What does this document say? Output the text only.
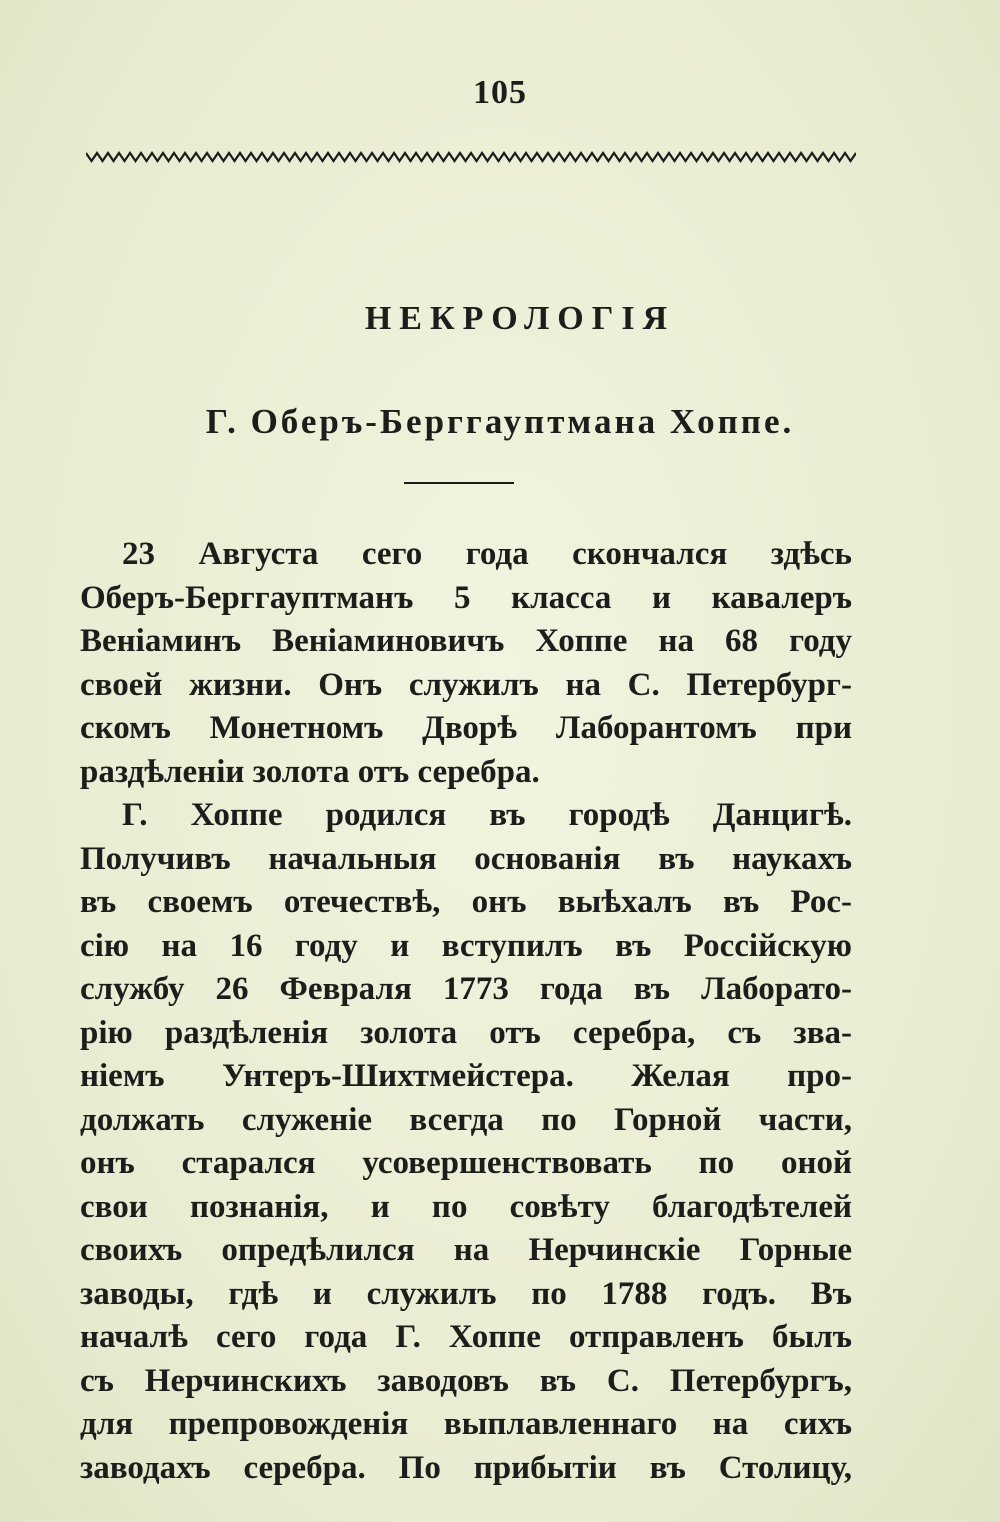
105
НЕКРОЛОГIЯ
Г. Оберъ-Берггауптмана Хоппе.
23 Августа сего года скончался здѣсь
Оберъ-Берггауптманъ 5 класса и кавалеръ
Веніаминъ Веніаминовичъ Хоппе на 68 году
своей жизни. Онъ служилъ на С. Петербург-
скомъ Монетномъ Дворѣ Лаборантомъ при
раздѣленіи золота отъ серебра.
Г. Хоппе родился въ городѣ Данцигѣ.
Получивъ начальныя основанія въ наукахъ
въ своемъ отечествѣ, онъ выѣхалъ въ Рос-
сію на 16 году и вступилъ въ Россійскую
службу 26 Февраля 1773 года въ Лаборато-
рію раздѣленія золота отъ серебра, съ зва-
ніемъ Унтеръ-Шихтмейстера. Желая про-
должать служеніе всегда по Горной части,
онъ старался усовершенствовать по оной
свои познанія, и по совѣту благодѣтелей
своихъ опредѣлился на Нерчинскіе Горные
заводы, гдѣ и служилъ по 1788 годъ. Въ
началѣ сего года Г. Хоппе отправленъ былъ
съ Нерчинскихъ заводовъ въ С. Петербургъ,
для препровожденія выплавленнаго на сихъ
заводахъ серебра. По прибытіи въ Столицу,
